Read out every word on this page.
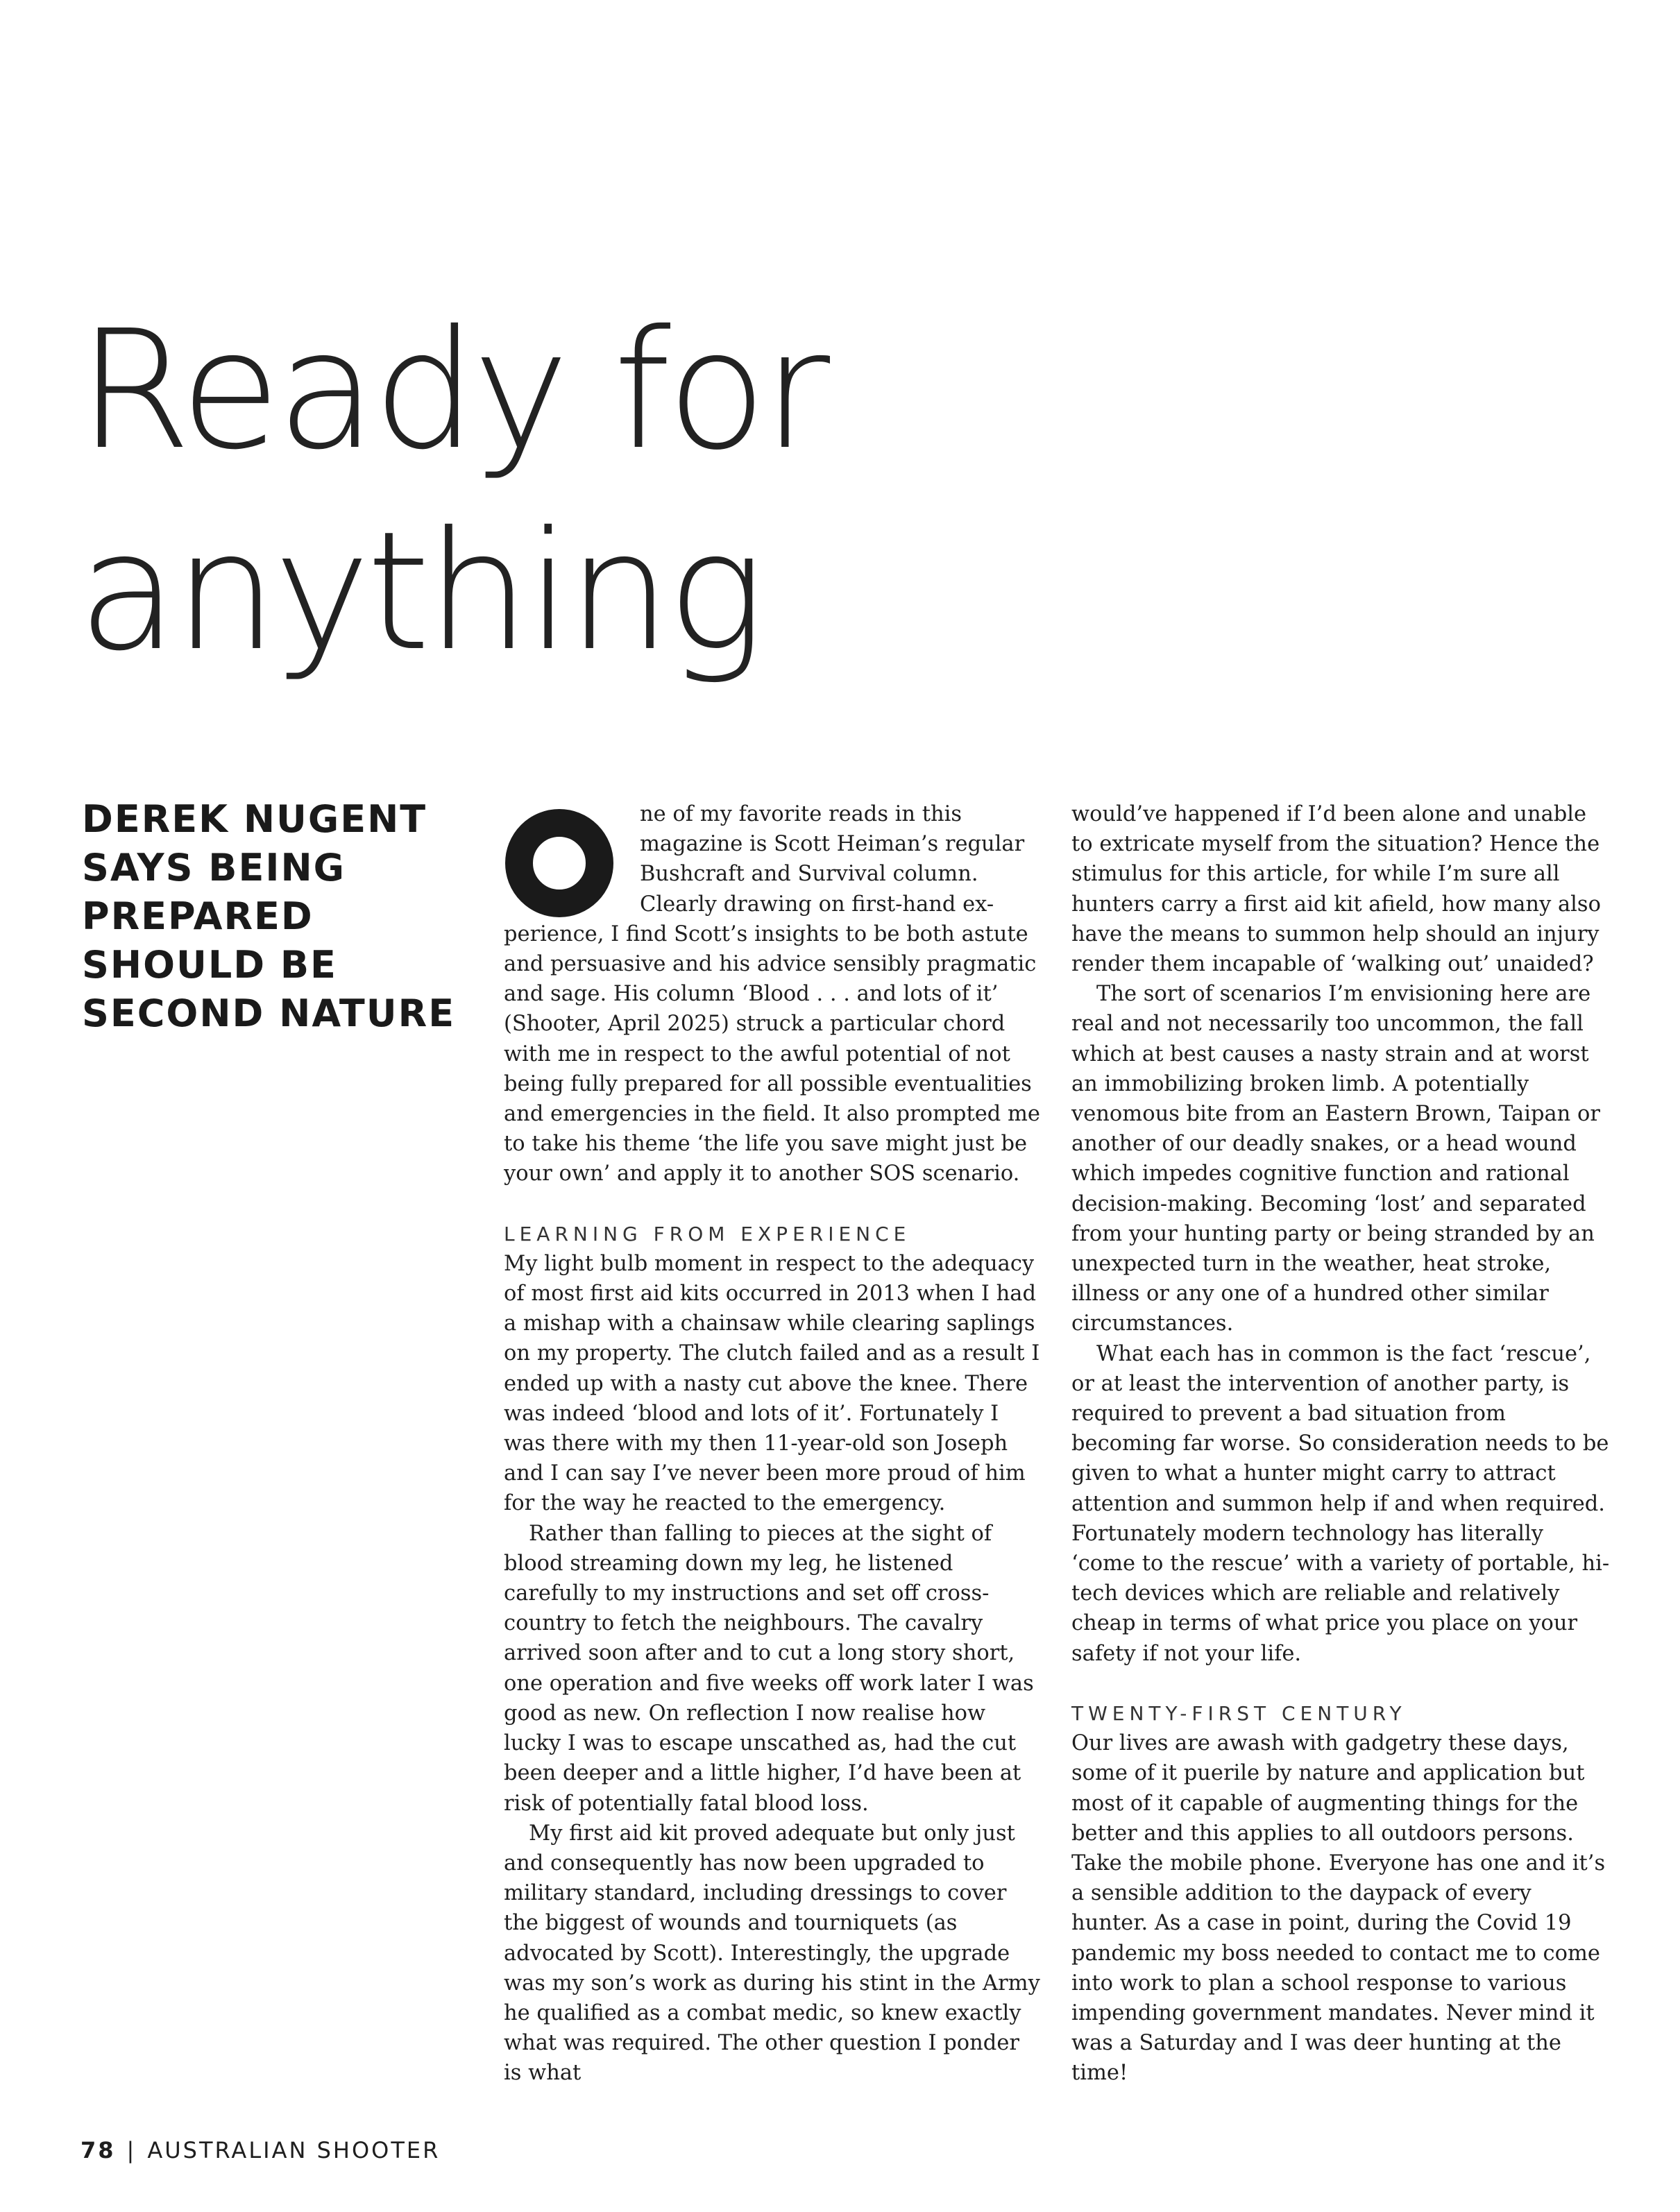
Ready for
anything
DEREK NUGENT
SAYS BEING
PREPARED
SHOULD BE
SECOND NATURE
O
ne of my favorite reads in this
magazine is Scott Heiman’s regular
Bushcraft and Survival column.
Clearly drawing on first-hand ex-
perience, I find Scott’s insights to be both astute
and persuasive and his advice sensibly pragmatic
and sage. His column ‘Blood . . . and lots of it’
(Shooter, April 2025) struck a particular chord
with me in respect to the awful potential of not
being fully prepared for all possible eventualities
and emergencies in the field. It also prompted me
to take his theme ‘the life you save might just be
your own’ and apply it to another SOS scenario.
LEARNING FROM EXPERIENCE

My light bulb moment in respect to the adequacy of most first aid kits occurred in 2013 when I had a mishap with a chainsaw while clearing saplings on my property. The clutch failed and as a result I ended up with a nasty cut above the knee. There was indeed ‘blood and lots of it’. Fortunately I was there with my then 11-year-old son Joseph and I can say I’ve never been more proud of him for the way he reacted to the emergency.

Rather than falling to pieces at the sight of blood streaming down my leg, he listened carefully to my instructions and set off cross-country to fetch the neighbours. The cavalry arrived soon after and to cut a long story short, one operation and five weeks off work later I was good as new. On reflection I now realise how lucky I was to escape unscathed as, had the cut been deeper and a little higher, I’d have been at risk of potentially fatal blood loss.

My first aid kit proved adequate but only just and consequently has now been upgraded to military standard, including dressings to cover the biggest of wounds and tourniquets (as advocated by Scott). Interestingly, the upgrade was my son’s work as during his stint in the Army he qualified as a combat medic, so knew exactly what was required. The other question I ponder is what

would’ve happened if I’d been alone and unable to extricate myself from the situation? Hence the stimulus for this article, for while I’m sure all hunters carry a first aid kit afield, how many also have the means to summon help should an injury render them incapable of ‘walking out’ unaided?

The sort of scenarios I’m envisioning here are real and not necessarily too uncommon, the fall which at best causes a nasty strain and at worst an immobilizing broken limb. A potentially venomous bite from an Eastern Brown, Taipan or another of our deadly snakes, or a head wound which impedes cognitive function and rational decision-making. Becoming ‘lost’ and separated from your hunting party or being stranded by an unexpected turn in the weather, heat stroke, illness or any one of a hundred other similar circumstances.

What each has in common is the fact ‘rescue’, or at least the intervention of another party, is required to prevent a bad situation from becoming far worse. So consideration needs to be given to what a hunter might carry to attract attention and summon help if and when required. Fortunately modern technology has literally ‘come to the rescue’ with a variety of portable, hi-tech devices which are reliable and relatively cheap in terms of what price you place on your safety if not your life.

TWENTY-FIRST CENTURY

Our lives are awash with gadgetry these days, some of it puerile by nature and application but most of it capable of augmenting things for the better and this applies to all outdoors persons. Take the mobile phone. Everyone has one and it’s a sensible addition to the daypack of every hunter. As a case in point, during the Covid 19 pandemic my boss needed to contact me to come into work to plan a school response to various impending government mandates. Never mind it was a Saturday and I was deer hunting at the time!

78 | AUSTRALIAN SHOOTER
